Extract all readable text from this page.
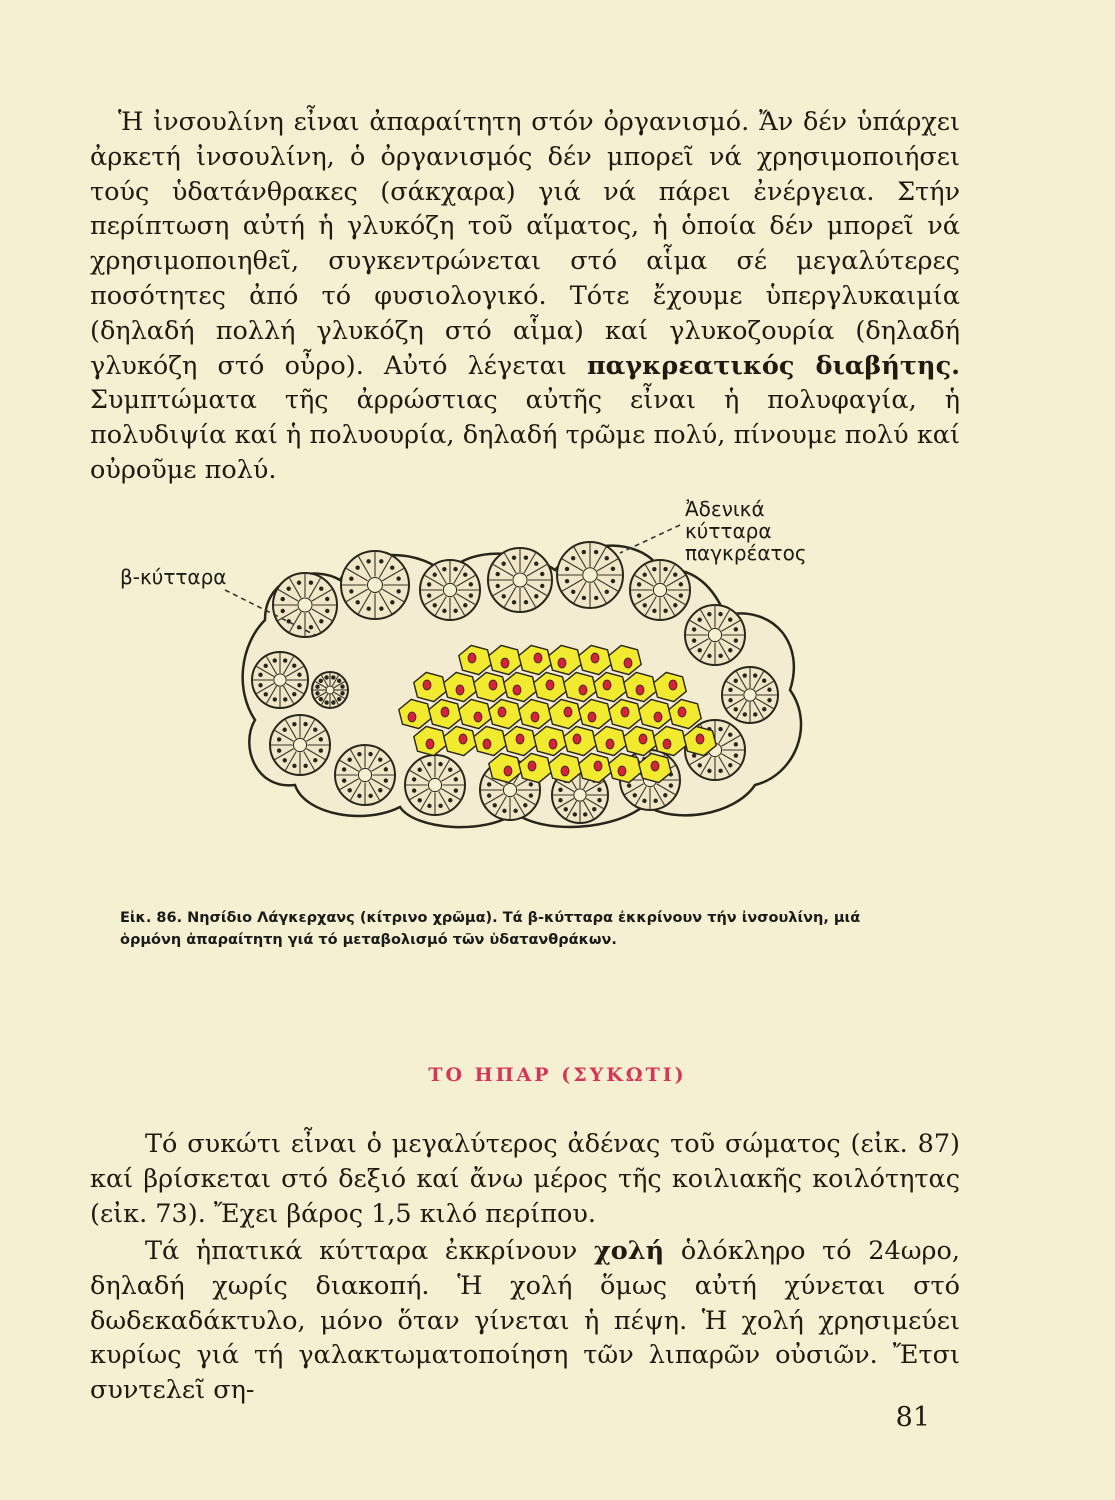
Ἡ ἰνσουλίνη εἶναι ἀπαραίτητη στόν ὀργανισμό. Ἄν δέν ὑπάρχει ἀρκετή ἰνσουλίνη, ὁ ὀργανισμός δέν μπορεῖ νά χρησιμοποιήσει τούς ὑδατάνθρακες (σάκχαρα) γιά νά πάρει ἐνέργεια. Στήν περίπτωση αὐτή ἡ γλυκόζη τοῦ αἵματος, ἡ ὁποία δέν μπορεῖ νά χρησιμοποιηθεῖ, συγκεντρώνεται στό αἷμα σέ μεγαλύτερες ποσότητες ἀπό τό φυσιολογικό. Τότε ἔχουμε ὑπεργλυκαιμία (δηλαδή πολλή γλυκόζη στό αἷμα) καί γλυκοζουρία (δηλαδή γλυκόζη στό οὖρο). Αὐτό λέγεται παγκρεατικός διαβήτης. Συμπτώματα τῆς ἀρρώστιας αὐτῆς εἶναι ἡ πολυφαγία, ἡ πολυδιψία καί ἡ πολυουρία, δηλαδή τρῶμε πολύ, πίνουμε πολύ καί οὐροῦμε πολύ.

β-κύτταρα
Ἀδενικά
κύτταρα
παγκρέατος
Εἰκ. 86. Νησίδιο Λάγκερχανς (κίτρινο χρῶμα). Τά β-κύτταρα ἐκκρίνουν τήν ἰνσουλίνη, μιά
ὁρμόνη ἀπαραίτητη γιά τό μεταβολισμό τῶν ὑδατανθράκων.
ΤΟ ΗΠΑΡ (ΣΥΚΩΤΙ)

Τό συκώτι εἶναι ὁ μεγαλύτερος ἀδένας τοῦ σώματος (εἰκ. 87) καί βρίσκεται στό δεξιό καί ἄνω μέρος τῆς κοιλιακῆς κοιλότητας (εἰκ. 73). Ἔχει βάρος 1,5 κιλό περίπου.

Τά ἡπατικά κύτταρα ἐκκρίνουν χολή ὁλόκληρο τό 24ωρο, δηλαδή χωρίς διακοπή. Ἡ χολή ὅμως αὐτή χύνεται στό δωδεκαδάκτυλο, μόνο ὅταν γίνεται ἡ πέψη. Ἡ χολή χρησιμεύει κυρίως γιά τή γαλακτωματοποίηση τῶν λιπαρῶν οὐσιῶν. Ἔτσι συντελεῖ ση-

81
